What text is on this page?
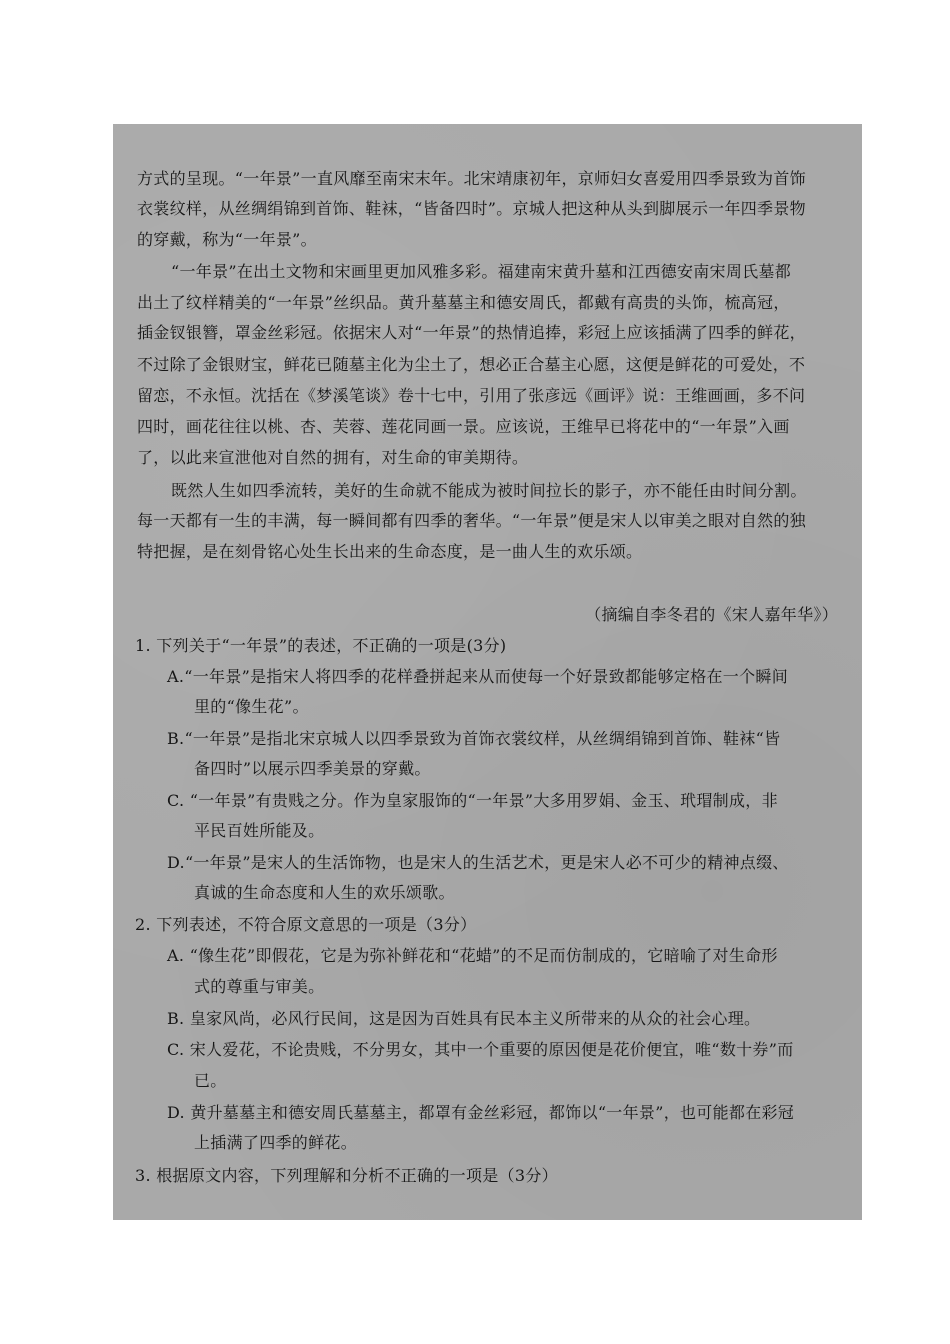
方式的呈现。“一年景”一直风靡至南宋末年。北宋靖康初年，京师妇女喜爱用四季景致为首饰
衣裳纹样，从丝绸绢锦到首饰、鞋袜，“皆备四时”。京城人把这种从头到脚展示一年四季景物
的穿戴，称为“一年景”。
“一年景”在出土文物和宋画里更加风雅多彩。福建南宋黄升墓和江西德安南宋周氏墓都
出土了纹样精美的“一年景”丝织品。黄升墓墓主和德安周氏，都戴有高贵的头饰，梳高冠，
插金钗银簪，罩金丝彩冠。依据宋人对“一年景”的热情追捧，彩冠上应该插满了四季的鲜花，
不过除了金银财宝，鲜花已随墓主化为尘土了，想必正合墓主心愿，这便是鲜花的可爱处，不
留恋，不永恒。沈括在《梦溪笔谈》卷十七中，引用了张彦远《画评》说：王维画画，多不问
四时，画花往往以桃、杏、芙蓉、莲花同画一景。应该说，王维早已将花中的“一年景”入画
了，以此来宣泄他对自然的拥有，对生命的审美期待。
既然人生如四季流转，美好的生命就不能成为被时间拉长的影子，亦不能任由时间分割。
每一天都有一生的丰满，每一瞬间都有四季的奢华。“一年景”便是宋人以审美之眼对自然的独
特把握，是在刻骨铭心处生长出来的生命态度，是一曲人生的欢乐颂。
（摘编自李冬君的《宋人嘉年华》）
1. 下列关于“一年景”的表述，不正确的一项是(3分)
A.“一年景”是指宋人将四季的花样叠拼起来从而使每一个好景致都能够定格在一个瞬间
里的“像生花”。
B.“一年景”是指北宋京城人以四季景致为首饰衣裳纹样，从丝绸绢锦到首饰、鞋袜“皆
备四时”以展示四季美景的穿戴。
C. “一年景”有贵贱之分。作为皇家服饰的“一年景”大多用罗娟、金玉、玳瑁制成，非
平民百姓所能及。
D.“一年景”是宋人的生活饰物，也是宋人的生活艺术，更是宋人必不可少的精神点缀、
真诚的生命态度和人生的欢乐颂歌。
2. 下列表述，不符合原文意思的一项是（3分）
A. “像生花”即假花，它是为弥补鲜花和“花蜡”的不足而仿制成的，它暗喻了对生命形
式的尊重与审美。
B. 皇家风尚，必风行民间，这是因为百姓具有民本主义所带来的从众的社会心理。
C. 宋人爱花，不论贵贱，不分男女，其中一个重要的原因便是花价便宜，唯“数十券”而
已。
D. 黄升墓墓主和德安周氏墓墓主，都罩有金丝彩冠，都饰以“一年景”，也可能都在彩冠
上插满了四季的鲜花。
3. 根据原文内容，下列理解和分析不正确的一项是（3分）
